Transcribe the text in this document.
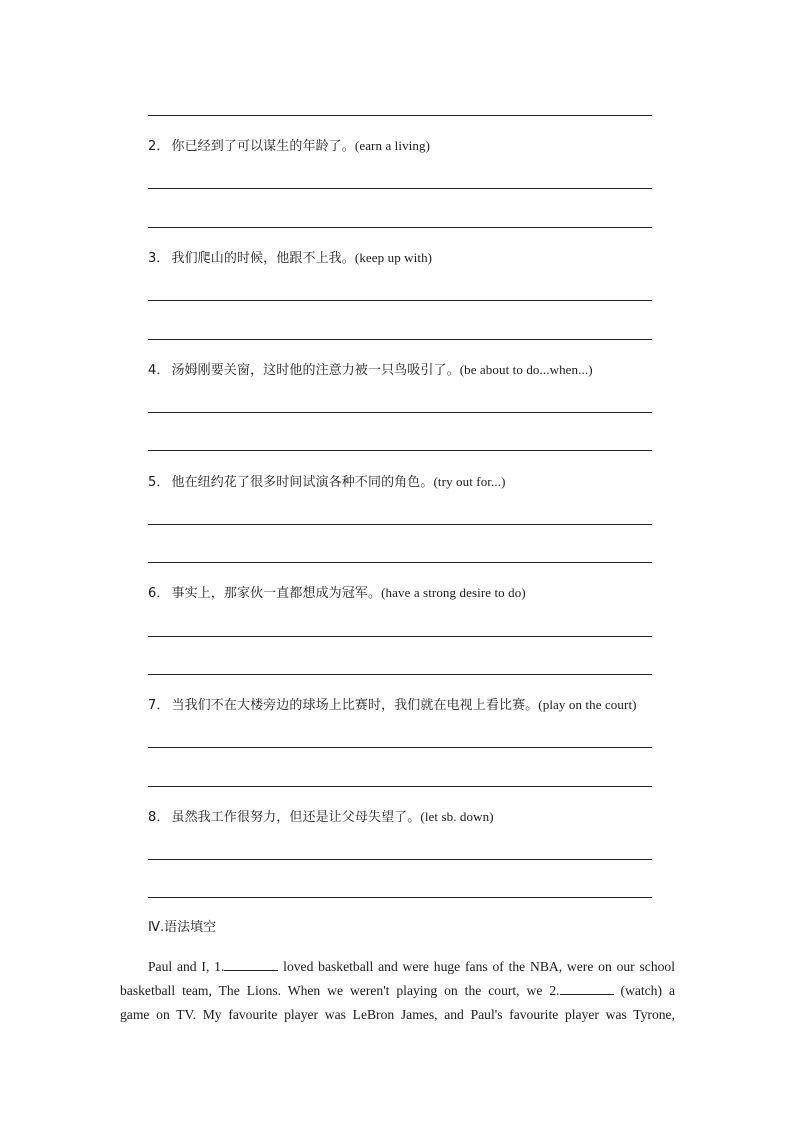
2． 你已经到了可以谋生的年龄了。(earn a living)
3． 我们爬山的时候，他跟不上我。(keep up with)
4． 汤姆刚要关窗，这时他的注意力被一只鸟吸引了。(be about to do...when...)
5． 他在纽约花了很多时间试演各种不同的角色。(try out for...)
6． 事实上，那家伙一直都想成为冠军。(have a strong desire to do)
7． 当我们不在大楼旁边的球场上比赛时，我们就在电视上看比赛。(play on the court)
8． 虽然我工作很努力，但还是让父母失望了。(let sb. down)
Ⅳ.语法填空
Paul and I, 1.	loved basketball and were huge fans of the NBA, were on our school
basketball team, The Lions. When we weren't playing on the court, we 2.	(watch) a
game on TV. My favourite player was LeBron James, and Paul's favourite player was Tyrone,
